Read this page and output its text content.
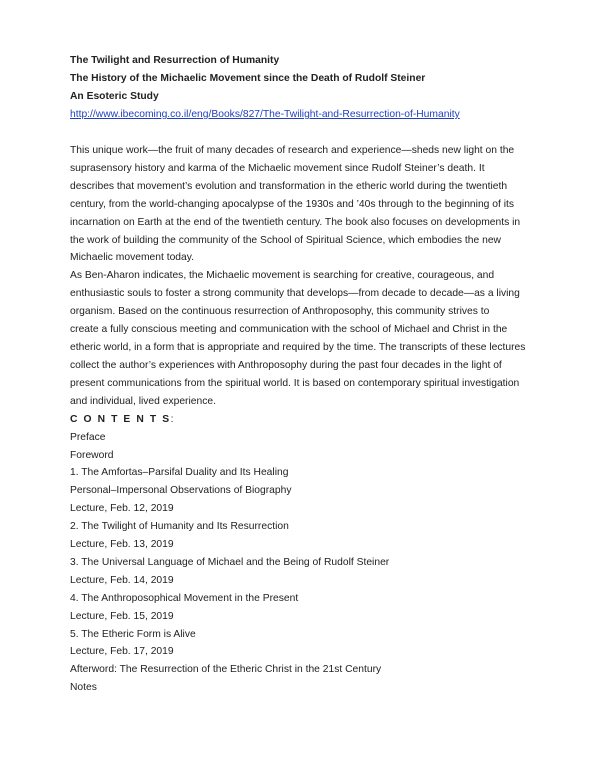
The Twilight and Resurrection of Humanity
The History of the Michaelic Movement since the Death of Rudolf Steiner
An Esoteric Study
http://www.ibecoming.co.il/eng/Books/827/The-Twilight-and-Resurrection-of-Humanity

This unique work—the fruit of many decades of research and experience—sheds new light on the
suprasensory history and karma of the Michaelic movement since Rudolf Steiner’s death. It
describes that movement’s evolution and transformation in the etheric world during the twentieth
century, from the world-changing apocalypse of the 1930s and ’40s through to the beginning of its
incarnation on Earth at the end of the twentieth century. The book also focuses on developments in
the work of building the community of the School of Spiritual Science, which embodies the new
Michaelic movement today.

As Ben-Aharon indicates, the Michaelic movement is searching for creative, courageous, and
enthusiastic souls to foster a strong community that develops—from decade to decade—as a living
organism. Based on the continuous resurrection of Anthroposophy, this community strives to
create a fully conscious meeting and communication with the school of Michael and Christ in the
etheric world, in a form that is appropriate and required by the time. The transcripts of these lectures
collect the author’s experiences with Anthroposophy during the past four decades in the light of
present communications from the spiritual world. It is based on contemporary spiritual investigation
and individual, lived experience.

C O N T E N T S:
Preface
Foreword
1. The Amfortas–Parsifal Duality and Its Healing
Personal–Impersonal Observations of Biography
Lecture, Feb. 12, 2019
2. The Twilight of Humanity and Its Resurrection
Lecture, Feb. 13, 2019
3. The Universal Language of Michael and the Being of Rudolf Steiner
Lecture, Feb. 14, 2019
4. The Anthroposophical Movement in the Present
Lecture, Feb. 15, 2019
5. The Etheric Form is Alive
Lecture, Feb. 17, 2019
Afterword: The Resurrection of the Etheric Christ in the 21st Century
Notes
